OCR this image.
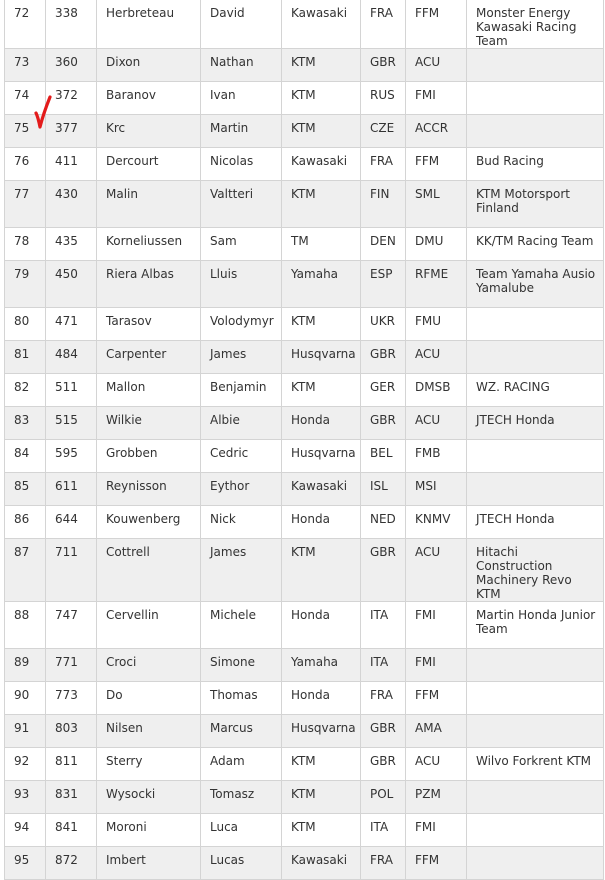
72	338	Herbreteau	David	Kawasaki	FRA	FFM	Monster Energy Kawasaki Racing Team
73	360	Dixon	Nathan	KTM	GBR	ACU	
74	372	Baranov	Ivan	KTM	RUS	FMI	
75	377	Krc	Martin	KTM	CZE	ACCR	
76	411	Dercourt	Nicolas	Kawasaki	FRA	FFM	Bud Racing
77	430	Malin	Valtteri	KTM	FIN	SML	KTM Motorsport Finland
78	435	Korneliussen	Sam	TM	DEN	DMU	KK/TM Racing Team
79	450	Riera Albas	Lluis	Yamaha	ESP	RFME	Team Yamaha Ausio Yamalube
80	471	Tarasov	Volodymyr	KTM	UKR	FMU	
81	484	Carpenter	James	Husqvarna	GBR	ACU	
82	511	Mallon	Benjamin	KTM	GER	DMSB	WZ. RACING
83	515	Wilkie	Albie	Honda	GBR	ACU	JTECH Honda
84	595	Grobben	Cedric	Husqvarna	BEL	FMB	
85	611	Reynisson	Eythor	Kawasaki	ISL	MSI	
86	644	Kouwenberg	Nick	Honda	NED	KNMV	JTECH Honda
87	711	Cottrell	James	KTM	GBR	ACU	Hitachi Construction Machinery Revo KTM
88	747	Cervellin	Michele	Honda	ITA	FMI	Martin Honda Junior Team
89	771	Croci	Simone	Yamaha	ITA	FMI	
90	773	Do	Thomas	Honda	FRA	FFM	
91	803	Nilsen	Marcus	Husqvarna	GBR	AMA	
92	811	Sterry	Adam	KTM	GBR	ACU	Wilvo Forkrent KTM
93	831	Wysocki	Tomasz	KTM	POL	PZM	
94	841	Moroni	Luca	KTM	ITA	FMI	
95	872	Imbert	Lucas	Kawasaki	FRA	FFM	
